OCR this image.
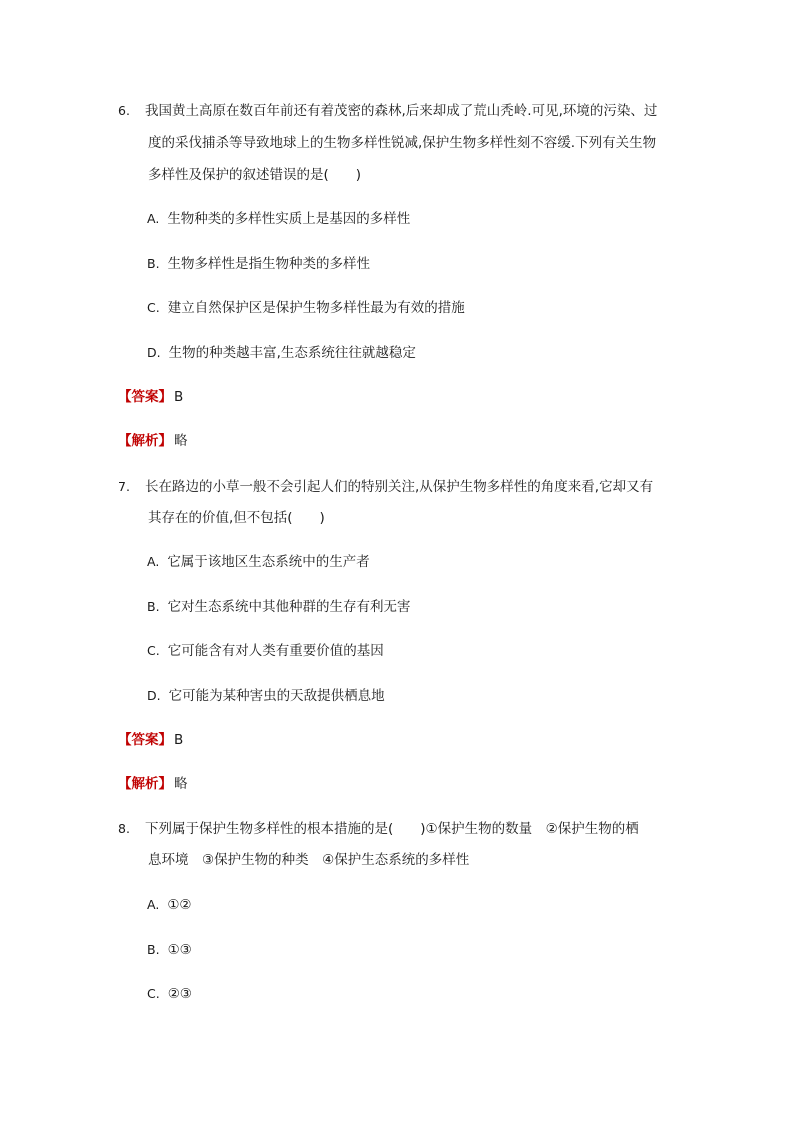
6. 我国黄土高原在数百年前还有着茂密的森林,后来却成了荒山秃岭.可见,环境的污染、过
度的采伐捕杀等导致地球上的生物多样性锐减,保护生物多样性刻不容缓.下列有关生物
多样性及保护的叙述错误的是(　　)
A. 生物种类的多样性实质上是基因的多样性
B. 生物多样性是指生物种类的多样性
C. 建立自然保护区是保护生物多样性最为有效的措施
D. 生物的种类越丰富,生态系统往往就越稳定
【答案】 B
【解析】 略
7. 长在路边的小草一般不会引起人们的特别关注,从保护生物多样性的角度来看,它却又有
其存在的价值,但不包括(　　)
A. 它属于该地区生态系统中的生产者
B. 它对生态系统中其他种群的生存有利无害
C. 它可能含有对人类有重要价值的基因
D. 它可能为某种害虫的天敌提供栖息地
【答案】 B
【解析】 略
8. 下列属于保护生物多样性的根本措施的是(　　)①保护生物的数量　②保护生物的栖
息环境　③保护生物的种类　④保护生态系统的多样性
A. ①②
B. ①③
C. ②③
